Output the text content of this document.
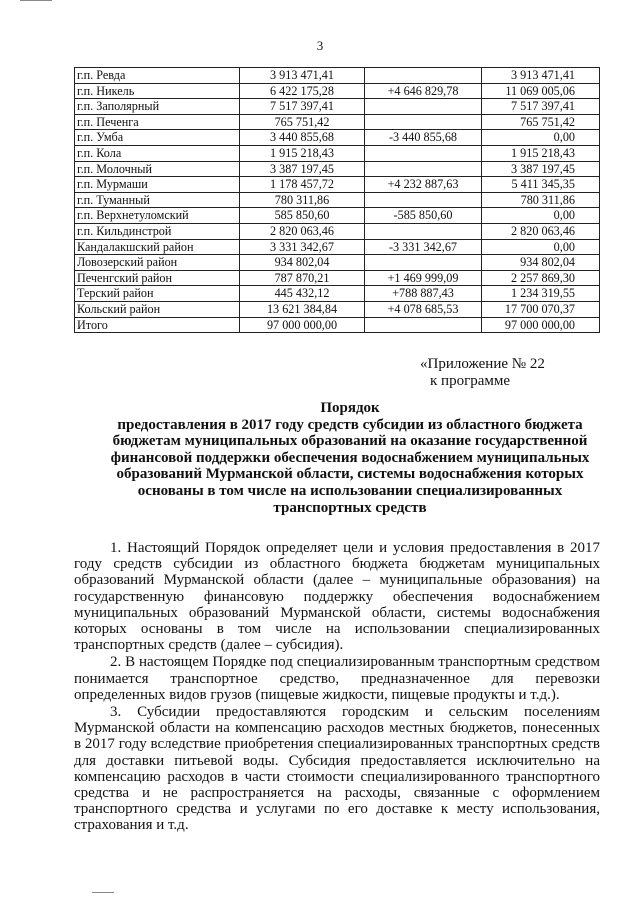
3
г.п. Ревда	3 913 471,41		3 913 471,41
г.п. Никель	6 422 175,28	+4 646 829,78	11 069 005,06
г.п. Заполярный	7 517 397,41		7 517 397,41
г.п. Печенга	765 751,42		765 751,42
г.п. Умба	3 440 855,68	-3 440 855,68	0,00
г.п. Кола	1 915 218,43		1 915 218,43
г.п. Молочный	3 387 197,45		3 387 197,45
г.п. Мурмаши	1 178 457,72	+4 232 887,63	5 411 345,35
г.п. Туманный	780 311,86		780 311,86
г.п. Верхнетуломский	585 850,60	-585 850,60	0,00
г.п. Кильдинстрой	2 820 063,46		2 820 063,46
Кандалакшский район	3 331 342,67	-3 331 342,67	0,00
Ловозерский район	934 802,04		934 802,04
Печенгский район	787 870,21	+1 469 999,09	2 257 869,30
Терский район	445 432,12	+788 887,43	1 234 319,55
Кольский район	13 621 384,84	+4 078 685,53	17 700 070,37
Итого	97 000 000,00		97 000 000,00
«Приложение № 22
к программе
Порядок
предоставления в 2017 году средств субсидии из областного бюджета
бюджетам муниципальных образований на оказание государственной
финансовой поддержки обеспечения водоснабжением муниципальных
образований Мурманской области, системы водоснабжения которых
основаны в том числе на использовании специализированных
транспортных средств

1. Настоящий Порядок определяет цели и условия предоставления в 2017 году средств субсидии из областного бюджета бюджетам муниципальных образований Мурманской области (далее – муниципальные образования) на государственную финансовую поддержку обеспечения водоснабжением муниципальных образований Мурманской области, системы водоснабжения которых основаны в том числе на использовании специализированных транспортных средств (далее – субсидия).

2. В настоящем Порядке под специализированным транспортным средством понимается транспортное средство, предназначенное для перевозки определенных видов грузов (пищевые жидкости, пищевые продукты и т.д.).

3. Субсидии предоставляются городским и сельским поселениям Мурманской области на компенсацию расходов местных бюджетов, понесенных в 2017 году вследствие приобретения специализированных транспортных средств для доставки питьевой воды. Субсидия предоставляется исключительно на компенсацию расходов в части стоимости специализированного транспортного средства и не распространяется на расходы, связанные с оформлением транспортного средства и услугами по его доставке к месту использования, страхования и т.д.
